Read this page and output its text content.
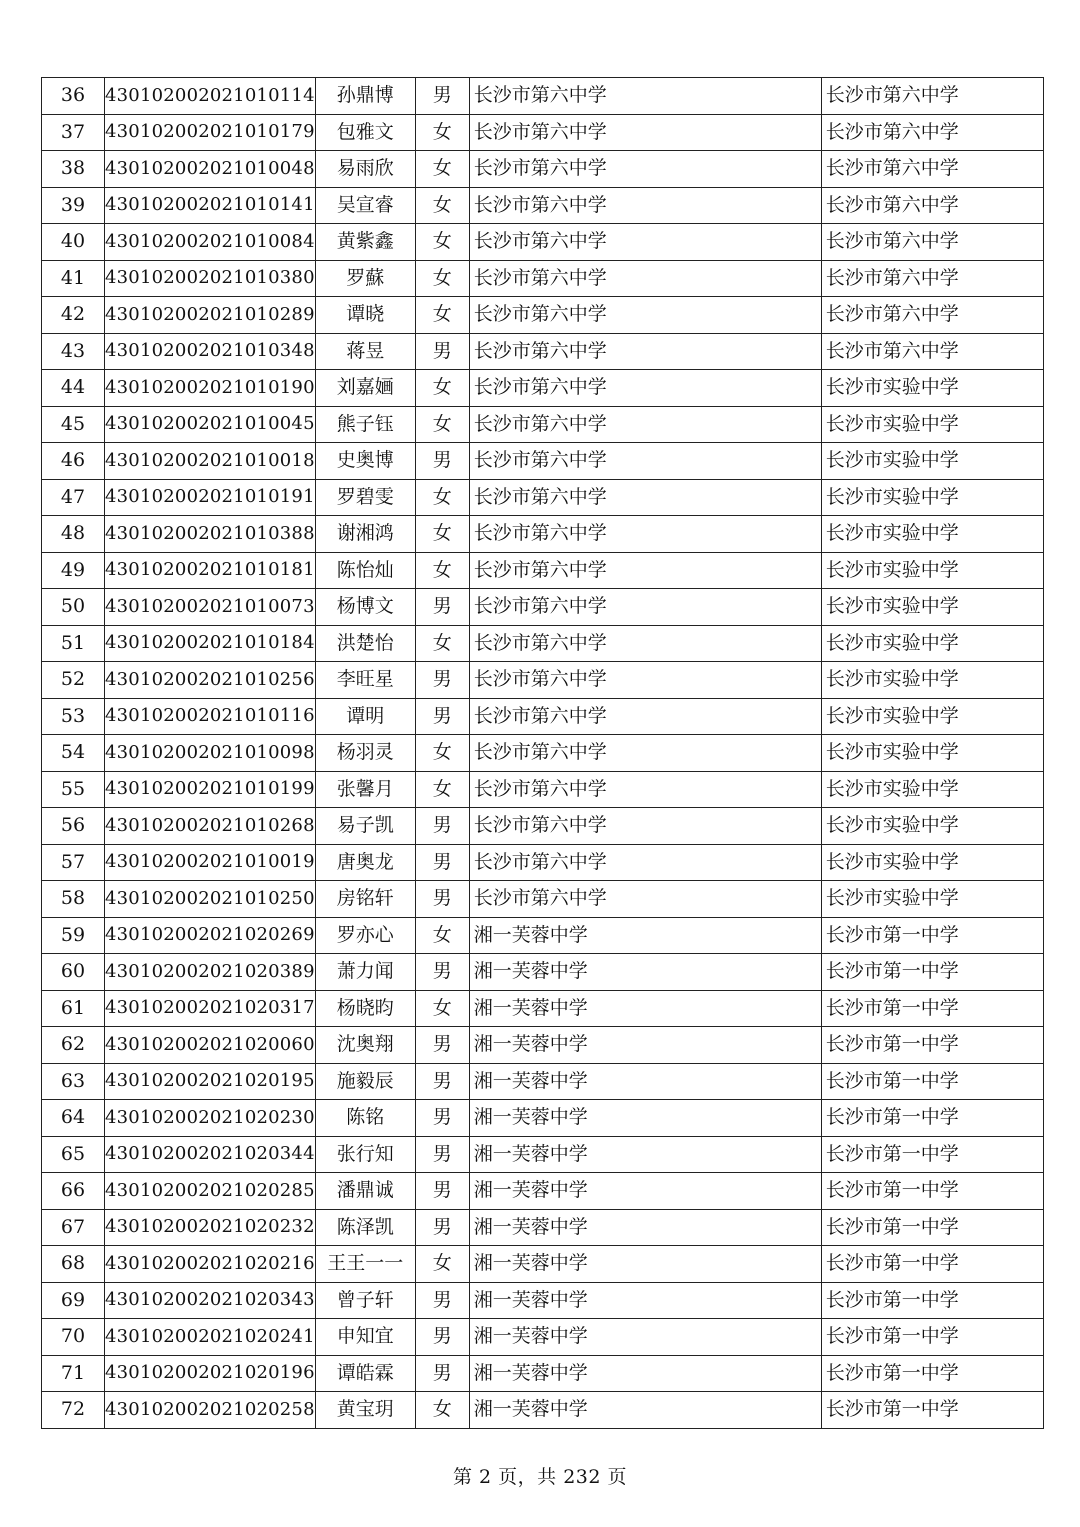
36	430102002021010114	孙鼎博	男	长沙市第六中学	长沙市第六中学
37	430102002021010179	包雅文	女	长沙市第六中学	长沙市第六中学
38	430102002021010048	易雨欣	女	长沙市第六中学	长沙市第六中学
39	430102002021010141	吴宣睿	女	长沙市第六中学	长沙市第六中学
40	430102002021010084	黄紫鑫	女	长沙市第六中学	长沙市第六中学
41	430102002021010380	罗蘇	女	长沙市第六中学	长沙市第六中学
42	430102002021010289	谭晓	女	长沙市第六中学	长沙市第六中学
43	430102002021010348	蒋昱	男	长沙市第六中学	长沙市第六中学
44	430102002021010190	刘嘉婳	女	长沙市第六中学	长沙市实验中学
45	430102002021010045	熊子钰	女	长沙市第六中学	长沙市实验中学
46	430102002021010018	史奥博	男	长沙市第六中学	长沙市实验中学
47	430102002021010191	罗碧雯	女	长沙市第六中学	长沙市实验中学
48	430102002021010388	谢湘鸿	女	长沙市第六中学	长沙市实验中学
49	430102002021010181	陈怡灿	女	长沙市第六中学	长沙市实验中学
50	430102002021010073	杨博文	男	长沙市第六中学	长沙市实验中学
51	430102002021010184	洪楚怡	女	长沙市第六中学	长沙市实验中学
52	430102002021010256	李旺星	男	长沙市第六中学	长沙市实验中学
53	430102002021010116	谭明	男	长沙市第六中学	长沙市实验中学
54	430102002021010098	杨羽灵	女	长沙市第六中学	长沙市实验中学
55	430102002021010199	张馨月	女	长沙市第六中学	长沙市实验中学
56	430102002021010268	易子凯	男	长沙市第六中学	长沙市实验中学
57	430102002021010019	唐奥龙	男	长沙市第六中学	长沙市实验中学
58	430102002021010250	房铭轩	男	长沙市第六中学	长沙市实验中学
59	430102002021020269	罗亦心	女	湘一芙蓉中学	长沙市第一中学
60	430102002021020389	萧力闻	男	湘一芙蓉中学	长沙市第一中学
61	430102002021020317	杨晓昀	女	湘一芙蓉中学	长沙市第一中学
62	430102002021020060	沈奥翔	男	湘一芙蓉中学	长沙市第一中学
63	430102002021020195	施毅辰	男	湘一芙蓉中学	长沙市第一中学
64	430102002021020230	陈铭	男	湘一芙蓉中学	长沙市第一中学
65	430102002021020344	张行知	男	湘一芙蓉中学	长沙市第一中学
66	430102002021020285	潘鼎诚	男	湘一芙蓉中学	长沙市第一中学
67	430102002021020232	陈泽凯	男	湘一芙蓉中学	长沙市第一中学
68	430102002021020216	王王一一	女	湘一芙蓉中学	长沙市第一中学
69	430102002021020343	曾子轩	男	湘一芙蓉中学	长沙市第一中学
70	430102002021020241	申知宜	男	湘一芙蓉中学	长沙市第一中学
71	430102002021020196	谭皓霖	男	湘一芙蓉中学	长沙市第一中学
72	430102002021020258	黄宝玥	女	湘一芙蓉中学	长沙市第一中学
第 2 页，共 232 页
